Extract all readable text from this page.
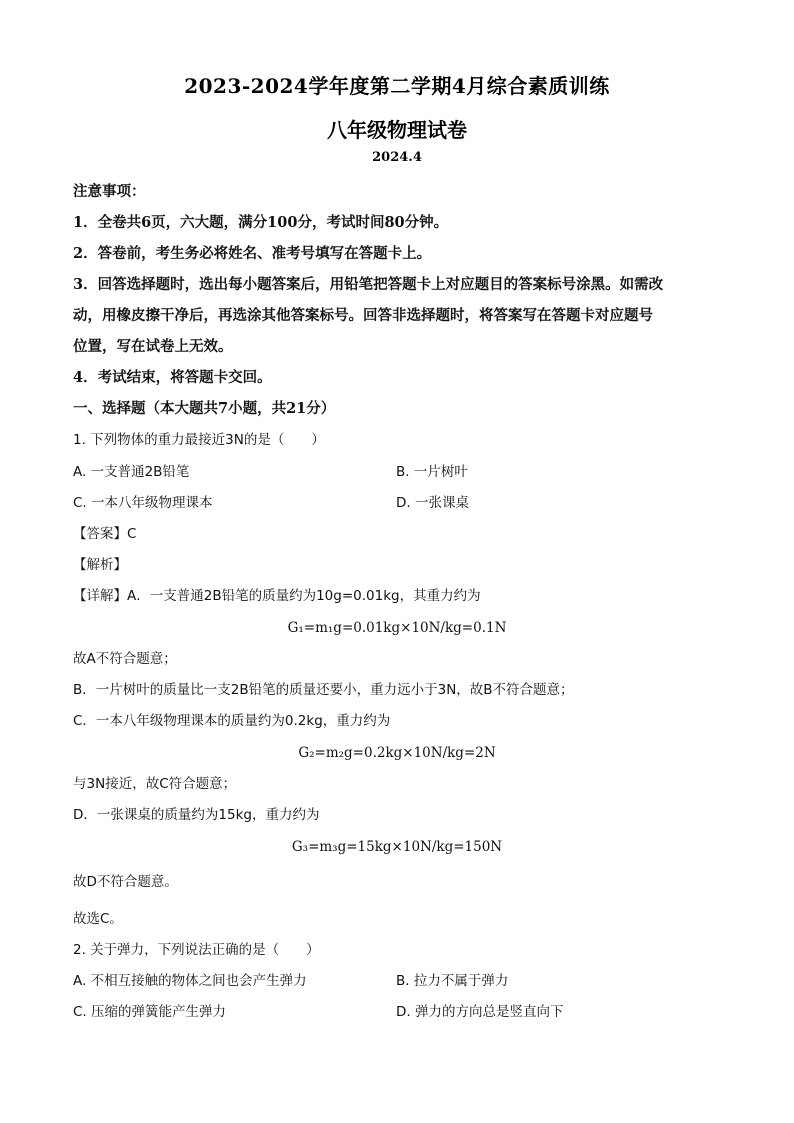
2023-2024学年度第二学期4月综合素质训练
八年级物理试卷
2024.4
注意事项：
1．全卷共6页，六大题，满分100分，考试时间80分钟。
2．答卷前，考生务必将姓名、准考号填写在答题卡上。
3．回答选择题时，选出每小题答案后，用铅笔把答题卡上对应题目的答案标号涂黑。如需改
动，用橡皮擦干净后，再选涂其他答案标号。回答非选择题时，将答案写在答题卡对应题号
位置，写在试卷上无效。
4．考试结束，将答题卡交回。
一、选择题（本大题共7小题，共21分）
1. 下列物体的重力最接近3N的是（　　）
A. 一支普通2B铅笔	B. 一片树叶
C. 一本八年级物理课本	D. 一张课桌
【答案】C
【解析】
【详解】A．一支普通2B铅笔的质量约为10g=0.01kg，其重力约为
G₁=m₁g=0.01kg×10N/kg=0.1N
故A不符合题意；
B．一片树叶的质量比一支2B铅笔的质量还要小，重力远小于3N，故B不符合题意；
C．一本八年级物理课本的质量约为0.2kg，重力约为
G₂=m₂g=0.2kg×10N/kg=2N
与3N接近，故C符合题意；
D．一张课桌的质量约为15kg，重力约为
G₃=m₃g=15kg×10N/kg=150N
故D不符合题意。
故选C。
2. 关于弹力，下列说法正确的是（　　）
A. 不相互接触的物体之间也会产生弹力	B. 拉力不属于弹力
C. 压缩的弹簧能产生弹力	D. 弹力的方向总是竖直向下
